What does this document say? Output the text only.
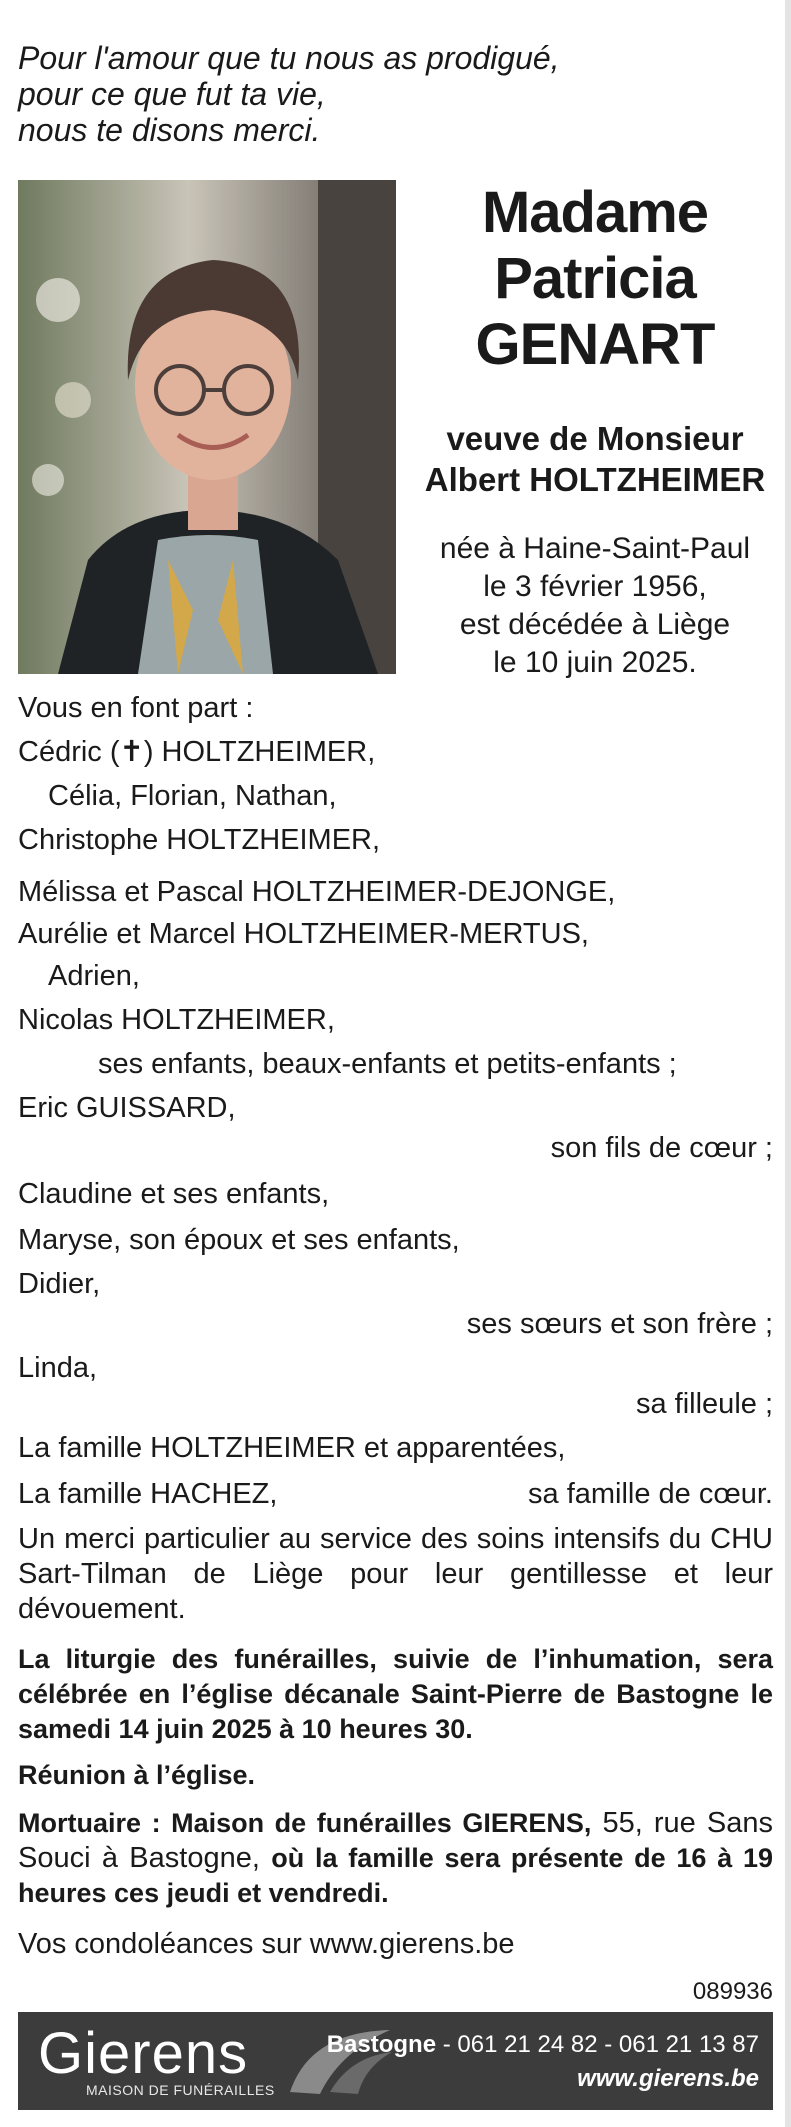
Pour l'amour que tu nous as prodigué,
pour ce que fut ta vie,
nous te disons merci.
Madame
Patricia
GENART
veuve de Monsieur
Albert HOLTZHEIMER
née à Haine-Saint-Paul
le 3 février 1956,
est décédée à Liège
le 10 juin 2025.
Vous en font part :
Cédric (✝) HOLTZHEIMER,
Célia, Florian, Nathan,
Christophe HOLTZHEIMER,
Mélissa et Pascal HOLTZHEIMER-DEJONGE,
Aurélie et Marcel HOLTZHEIMER-MERTUS,
Adrien,
Nicolas HOLTZHEIMER,
ses enfants, beaux-enfants et petits-enfants ;
Eric GUISSARD,
son fils de cœur ;
Claudine et ses enfants,
Maryse, son époux et ses enfants,
Didier,
ses sœurs et son frère ;
Linda,
sa filleule ;
La famille HOLTZHEIMER et apparentées,
La famille HACHEZ,	sa famille de cœur.
Un merci particulier au service des soins intensifs du CHU Sart-Tilman de Liège pour leur gentillesse et leur dévouement.
La liturgie des funérailles, suivie de l’inhumation, sera célébrée en l’église décanale Saint-Pierre de Bastogne le samedi 14 juin 2025 à 10 heures 30.
Réunion à l’église.
Mortuaire : Maison de funérailles GIERENS, 55, rue Sans Souci à Bastogne, où la famille sera présente de 16 à 19 heures ces jeudi et vendredi.
Vos condoléances sur www.gierens.be
089936
Gierens
MAISON DE FUNÉRAILLES
Bastogne - 061 21 24 82 - 061 21 13 87
www.gierens.be
